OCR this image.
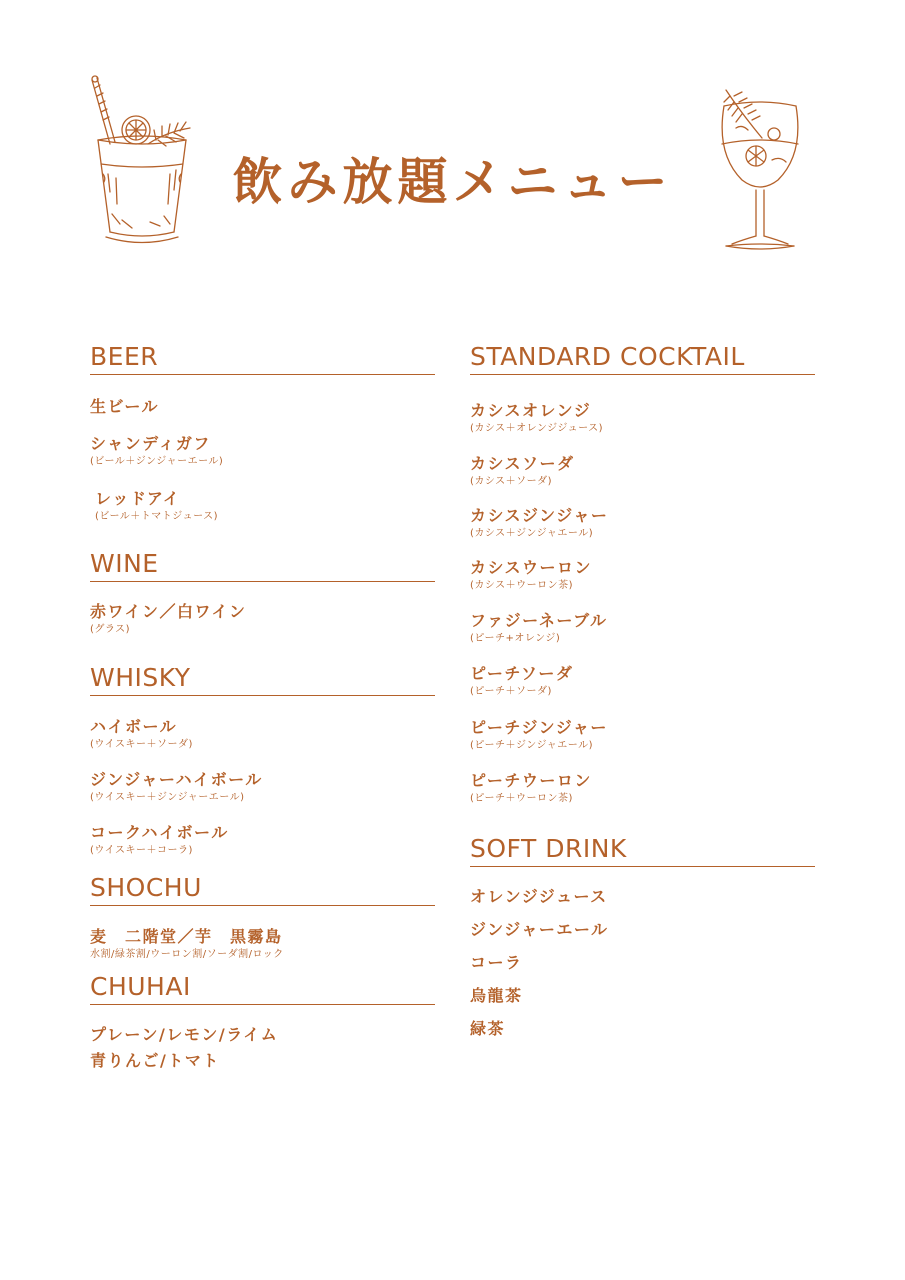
飲み放題メニュー
BEER
生ビール
シャンディガフ
(ビール＋ジンジャーエール)
レッドアイ
(ビール＋トマトジュース)
WINE
赤ワイン／白ワイン
(グラス)
WHISKY
ハイボール
(ウイスキー＋ソーダ)
ジンジャーハイボール
(ウイスキー＋ジンジャーエール)
コークハイボール
(ウイスキー＋コーラ)
SHOCHU
麦　二階堂／芋　黒霧島
水割/緑茶割/ウーロン割/ソーダ割/ロック
CHUHAI
プレーン/レモン/ライム
青りんご/トマト
STANDARD COCKTAIL
カシスオレンジ
(カシス＋オレンジジュース)
カシスソーダ
(カシス＋ソーダ)
カシスジンジャー
(カシス＋ジンジャエール)
カシスウーロン
(カシス＋ウーロン茶)
ファジーネーブル
(ピーチ+オレンジ)
ピーチソーダ
(ピーチ＋ソーダ)
ピーチジンジャー
(ピーチ＋ジンジャエール)
ピーチウーロン
(ピーチ＋ウーロン茶)
SOFT DRINK
オレンジジュース
ジンジャーエール
コーラ
烏龍茶
緑茶
